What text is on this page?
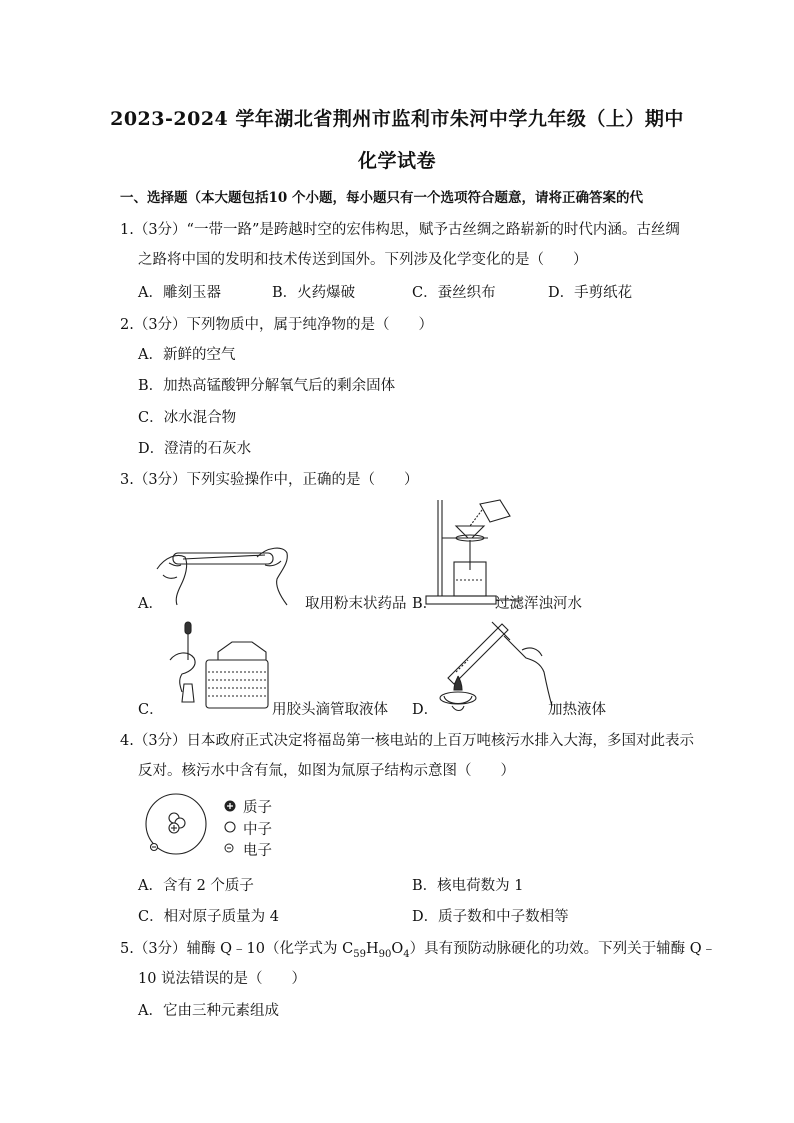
2023-2024 学年湖北省荆州市监利市朱河中学九年级（上）期中
化学试卷
一、选择题（本大题包括10 个小题，每小题只有一个选项符合题意，请将正确答案的代
1.（3分）“一带一路”是跨越时空的宏伟构思，赋予古丝绸之路崭新的时代内涵。古丝绸
之路将中国的发明和技术传送到国外。下列涉及化学变化的是（　　）
A．雕刻玉器	B．火药爆破	C．蚕丝织布	D．手剪纸花
2.（3分）下列物质中，属于纯净物的是（　　）
A．新鲜的空气
B．加热高锰酸钾分解氧气后的剩余固体
C．冰水混合物
D．澄清的石灰水
3.（3分）下列实验操作中，正确的是（　　）
A．	取用粉末状药品 B．	过滤浑浊河水
C．	用胶头滴管取液体 D．	加热液体
4.（3分）日本政府正式决定将福岛第一核电站的上百万吨核污水排入大海，多国对此表示
反对。核污水中含有氚，如图为氚原子结构示意图（　　）
质子
中子
电子
A．含有 2 个质子	B．核电荷数为 1
C．相对原子质量为 4	D．质子数和中子数相等
5.（3分）辅酶 Q﹣10（化学式为 $C_{59}H_{90}O_4$）具有预防动脉硬化的功效。下列关于辅酶 Q﹣
10 说法错误的是（　　）
A．它由三种元素组成
